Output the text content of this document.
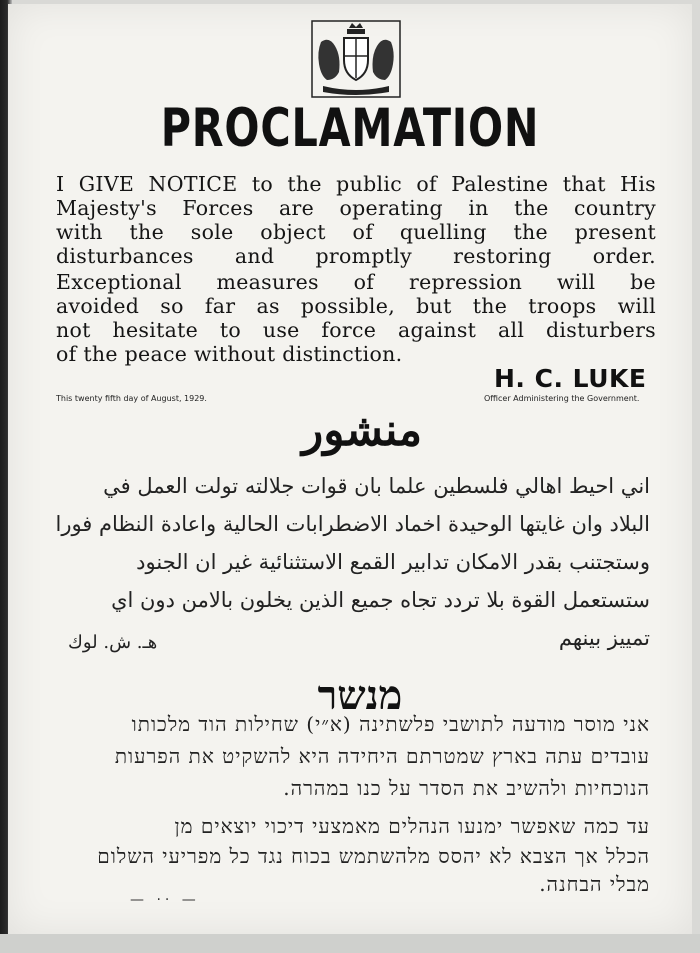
PROCLAMATION
I GIVE NOTICE to the public of Palestine that His
Majesty's Forces are operating in the country
with the sole object of quelling the present
disturbances and promptly restoring order.
Exceptional measures of repression will be
avoided so far as possible, but the troops will
not hesitate to use force against all disturbers
of the peace without distinction.
This twenty fifth day of August, 1929.
H. C. LUKE
Officer Administering the Government.
منشور
اني احيط اهالي فلسطين علما بان قوات جلالته تولت العمل في
البلاد وان غايتها الوحيدة اخماد الاضطرابات الحالية واعادة النظام فورا
وستجتنب بقدر الامكان تدابير القمع الاستثنائية غير ان الجنود
ستستعمل القوة بلا تردد تجاه جميع الذين يخلون بالامن دون اي
تمييز بينهم
هـ. ش. لوك
מנשר
אני מוסר מודעה לתושבי פלשתינה (א״י) שחילות הוד מלכותו
עובדים עתה בארץ שמטרתם היחידה היא להשקיט את הפרעות
הנוכחיות ולהשיב את הסדר על כנו במהרה.
עד כמה שאפשר ימנעו הנהלים מאמצעי דיכוי יוצאים מן
הכלל אך הצבא לא יהסס מלהשתמש בכוח נגד כל מפריעי השלום
מבלי הבחנה.
— ·· —
